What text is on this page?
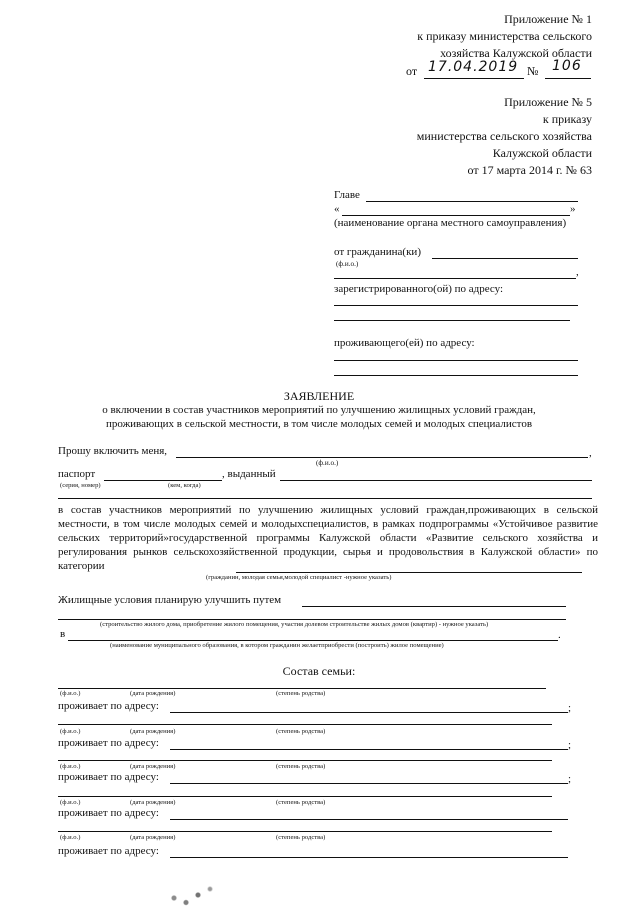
Приложение № 1
к приказу министерства сельского
хозяйства Калужской области
от 17.04.2019 № 106
Приложение № 5
к приказу
министерства сельского хозяйства
Калужской области
от 17 марта 2014 г. № 63
Главе
«	»
(наименование органа местного самоуправления)
от гражданина(ки)
(ф.и.о.)
,
зарегистрированного(ой) по адресу:
проживающего(ей) по адресу:
ЗАЯВЛЕНИЕ
о включении в состав участников мероприятий по улучшению жилищных условий граждан,
проживающих в сельской местности, в том числе молодых семей и молодых специалистов
Прошу включить меня,	,
(ф.и.о.)
паспорт	, выданный
(серия, номер)	(кем, когда)
в состав участников мероприятий по улучшению жилищных условий граждан,проживающих в сельской местности, в том числе молодых семей и молодыхспециалистов, в рамках подпрограммы «Устойчивое развитие сельских территорий»государственной программы Калужской области «Развитие сельского хозяйства и регулирования рынков сельскохозяйственной продукции, сырья и продовольствия в Калужской области» по категории
(гражданин, молодая семья,молодой специалист -нужное указать)
Жилищные условия планирую улучшить путем
(строительство жилого дома, приобретение жилого помещения, участия долевом строительстве жилых домов (квартир) - нужное указать)
в	.
(наименование муниципального образования, в котором гражданин желаетприобрести (построить) жилое помещение)
Состав семьи:
(ф.и.о.)	(дата рождения)	(степень родства)
проживает по адресу:	;
(ф.и.о.)	(дата рождения)	(степень родства)
проживает по адресу:	;
(ф.и.о.)	(дата рождения)	(степень родства)
проживает по адресу:	;
(ф.и.о.)	(дата рождения)	(степень родства)
проживает по адресу:
(ф.и.о.)	(дата рождения)	(степень родства)
проживает по адресу:
